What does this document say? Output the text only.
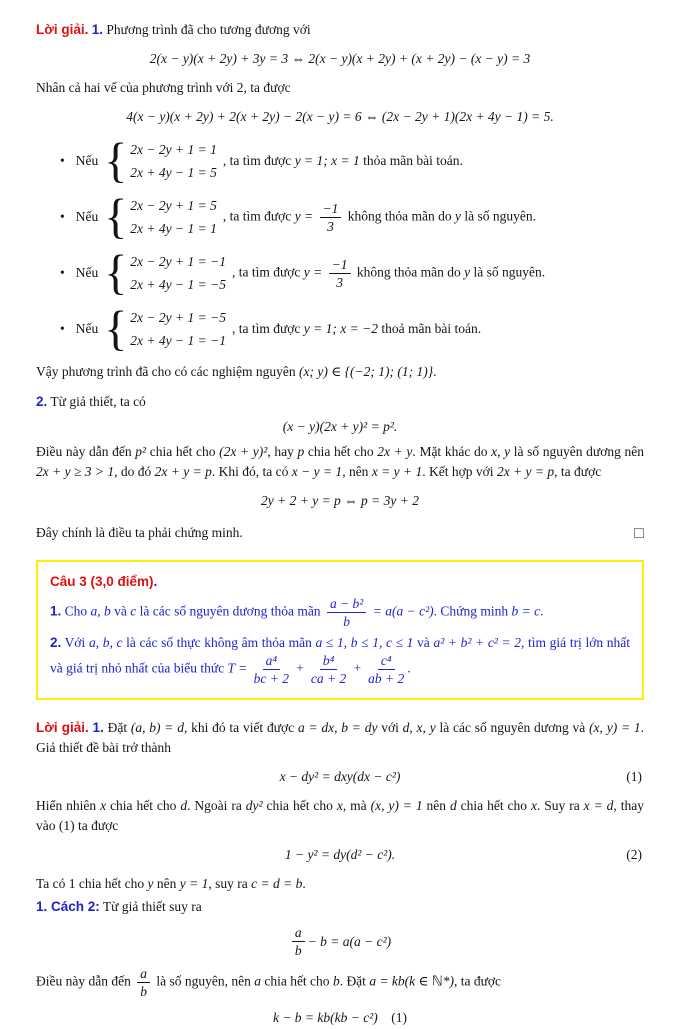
Lời giải. 1. Phương trình đã cho tương đương với

2(x − y)(x + 2y) + 3y = 3 ⇔ 2(x − y)(x + 2y) + (x + 2y) − (x − y) = 3

Nhân cả hai vế của phương trình với 2, ta được

4(x − y)(x + 2y) + 2(x + 2y) − 2(x − y) = 6 ⇔ (2x − 2y + 1)(2x + 4y − 1) = 5.
• Nếu { 2x − 2y + 1 = 1
2x + 4y − 1 = 5
, ta tìm được y = 1; x = 1 thỏa mãn bài toán.
• Nếu { 2x − 2y + 1 = 5
2x + 4y − 1 = 1
, ta tìm được $y = \frac{-1}{3}$ không thỏa mãn do y là số nguyên.
• Nếu { 2x − 2y + 1 = −1
2x + 4y − 1 = −5
, ta tìm được $y = \frac{-1}{3}$ không thỏa mãn do y là số nguyên.
• Nếu { 2x − 2y + 1 = −5
2x + 4y − 1 = −1
, ta tìm được y = 1; x = −2 thoả mãn bài toán.

Vậy phương trình đã cho có các nghiệm nguyên (x; y) ∈ {(−2; 1); (1; 1)}.

2. Từ giả thiết, ta có

(x − y)(2x + y)² = p².

Điều này dẫn đến p² chia hết cho (2x + y)², hay p chia hết cho 2x + y. Mặt khác do x, y là số nguyên dương nên 2x + y ≥ 3 > 1, do đó 2x + y = p. Khi đó, ta có x − y = 1, nên x = y + 1. Kết hợp với 2x + y = p, ta được

2y + 2 + y = p ⇔ p = 3y + 2

Đây chính là điều ta phải chứng minh.

Câu 3 (3,0 điểm).

1. Cho a, b và c là các số nguyên dương thỏa mãn $\frac{\text{a − b²}}{b} = a(a - c^2)$. Chứng minh b = c.

2. Với a, b, c là các số thực không âm thỏa mãn a ≤ 1, b ≤ 1, c ≤ 1 và a² + b² + c² = 2, tìm giá trị lớn nhất và giá trị nhỏ nhất của biểu thức $T = \frac{\text{a⁴}}{bc + 2} + \frac{\text{b⁴}}{ca + 2} + \frac{\text{c⁴}}{ab + 2}$ .

Lời giải. 1. Đặt (a, b) = d, khi đó ta viết được a = dx, b = dy với d, x, y là các số nguyên dương và (x, y) = 1. Giả thiết đề bài trở thành

x − dy² = dxy(dx − c²)	(1)

Hiển nhiên x chia hết cho d. Ngoài ra dy² chia hết cho x, mà (x, y) = 1 nên d chia hết cho x. Suy ra x = d, thay vào (1) ta được

1 − y² = dy(d² − c²).	(2)

Ta có 1 chia hết cho y nên y = 1, suy ra c = d = b.

1. Cách 2: Từ giả thiết suy ra

$\frac{a}{b} - b = a(a - c^2)$

Điều này dẫn đến $\frac{a}{b}$ là số nguyên, nên a chia hết cho b. Đặt a = kb(k ∈ ℕ*), ta được

k − b = kb(kb − c²)  (1)
